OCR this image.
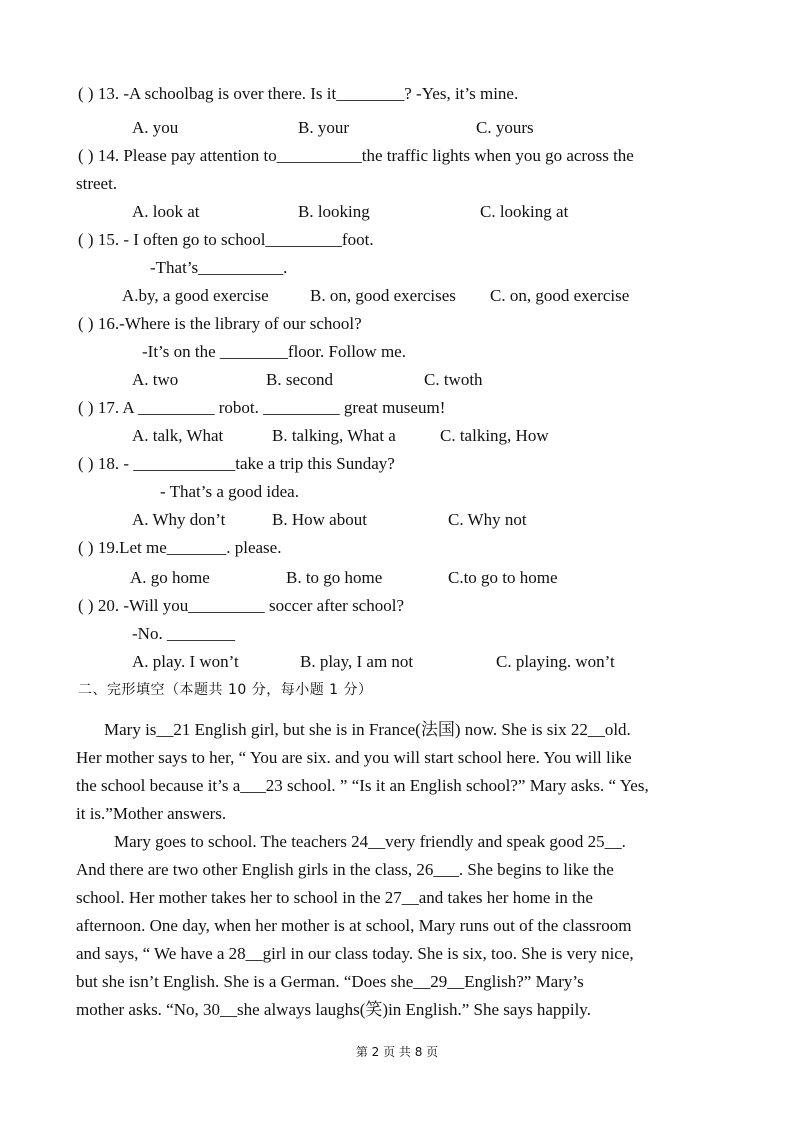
( ) 13. -A schoolbag is over there. Is it________? -Yes, it’s mine.
A. you	B. your	C. yours
( ) 14. Please pay attention to__________the traffic lights when you go across the
street.
A. look at	B. looking	C. looking at
( ) 15. - I often go to school_________foot.
-That’s__________.
A.by, a good exercise B. on, good exercises C. on, good exercise
( ) 16.-Where is the library of our school?
-It’s on the ________floor. Follow me.
A. two	B. second	C. twoth
( ) 17. A _________ robot. _________ great museum!
A. talk, What	B. talking, What a	C. talking, How
( ) 18. - ____________take a trip this Sunday?
- That’s a good idea.
A. Why don’t	B. How about	C. Why not
( ) 19.Let me_______. please.
A. go home	B. to go home	C.to go to home
( ) 20. -Will you_________ soccer after school?
-No. ________
A. play. I won’t	B. play, I am not	C. playing. won’t
二、完形填空（本题共 10 分，每小题 1 分）
Mary is__21 English girl, but she is in France(法国) now. She is six 22__old.
Her mother says to her, “ You are six. and you will start school here. You will like
the school because it’s a___23 school. ” “Is it an English school?” Mary asks. “ Yes,
it is.”Mother answers.
Mary goes to school. The teachers 24__very friendly and speak good 25__.
And there are two other English girls in the class, 26___. She begins to like the
school. Her mother takes her to school in the 27__and takes her home in the
afternoon. One day, when her mother is at school, Mary runs out of the classroom
and says, “ We have a 28__girl in our class today. She is six, too. She is very nice,
but she isn’t English. She is a German. “Does she__29__English?” Mary’s
mother asks. “No, 30__she always laughs(笑)in English.” She says happily.
第 2 页 共 8 页
